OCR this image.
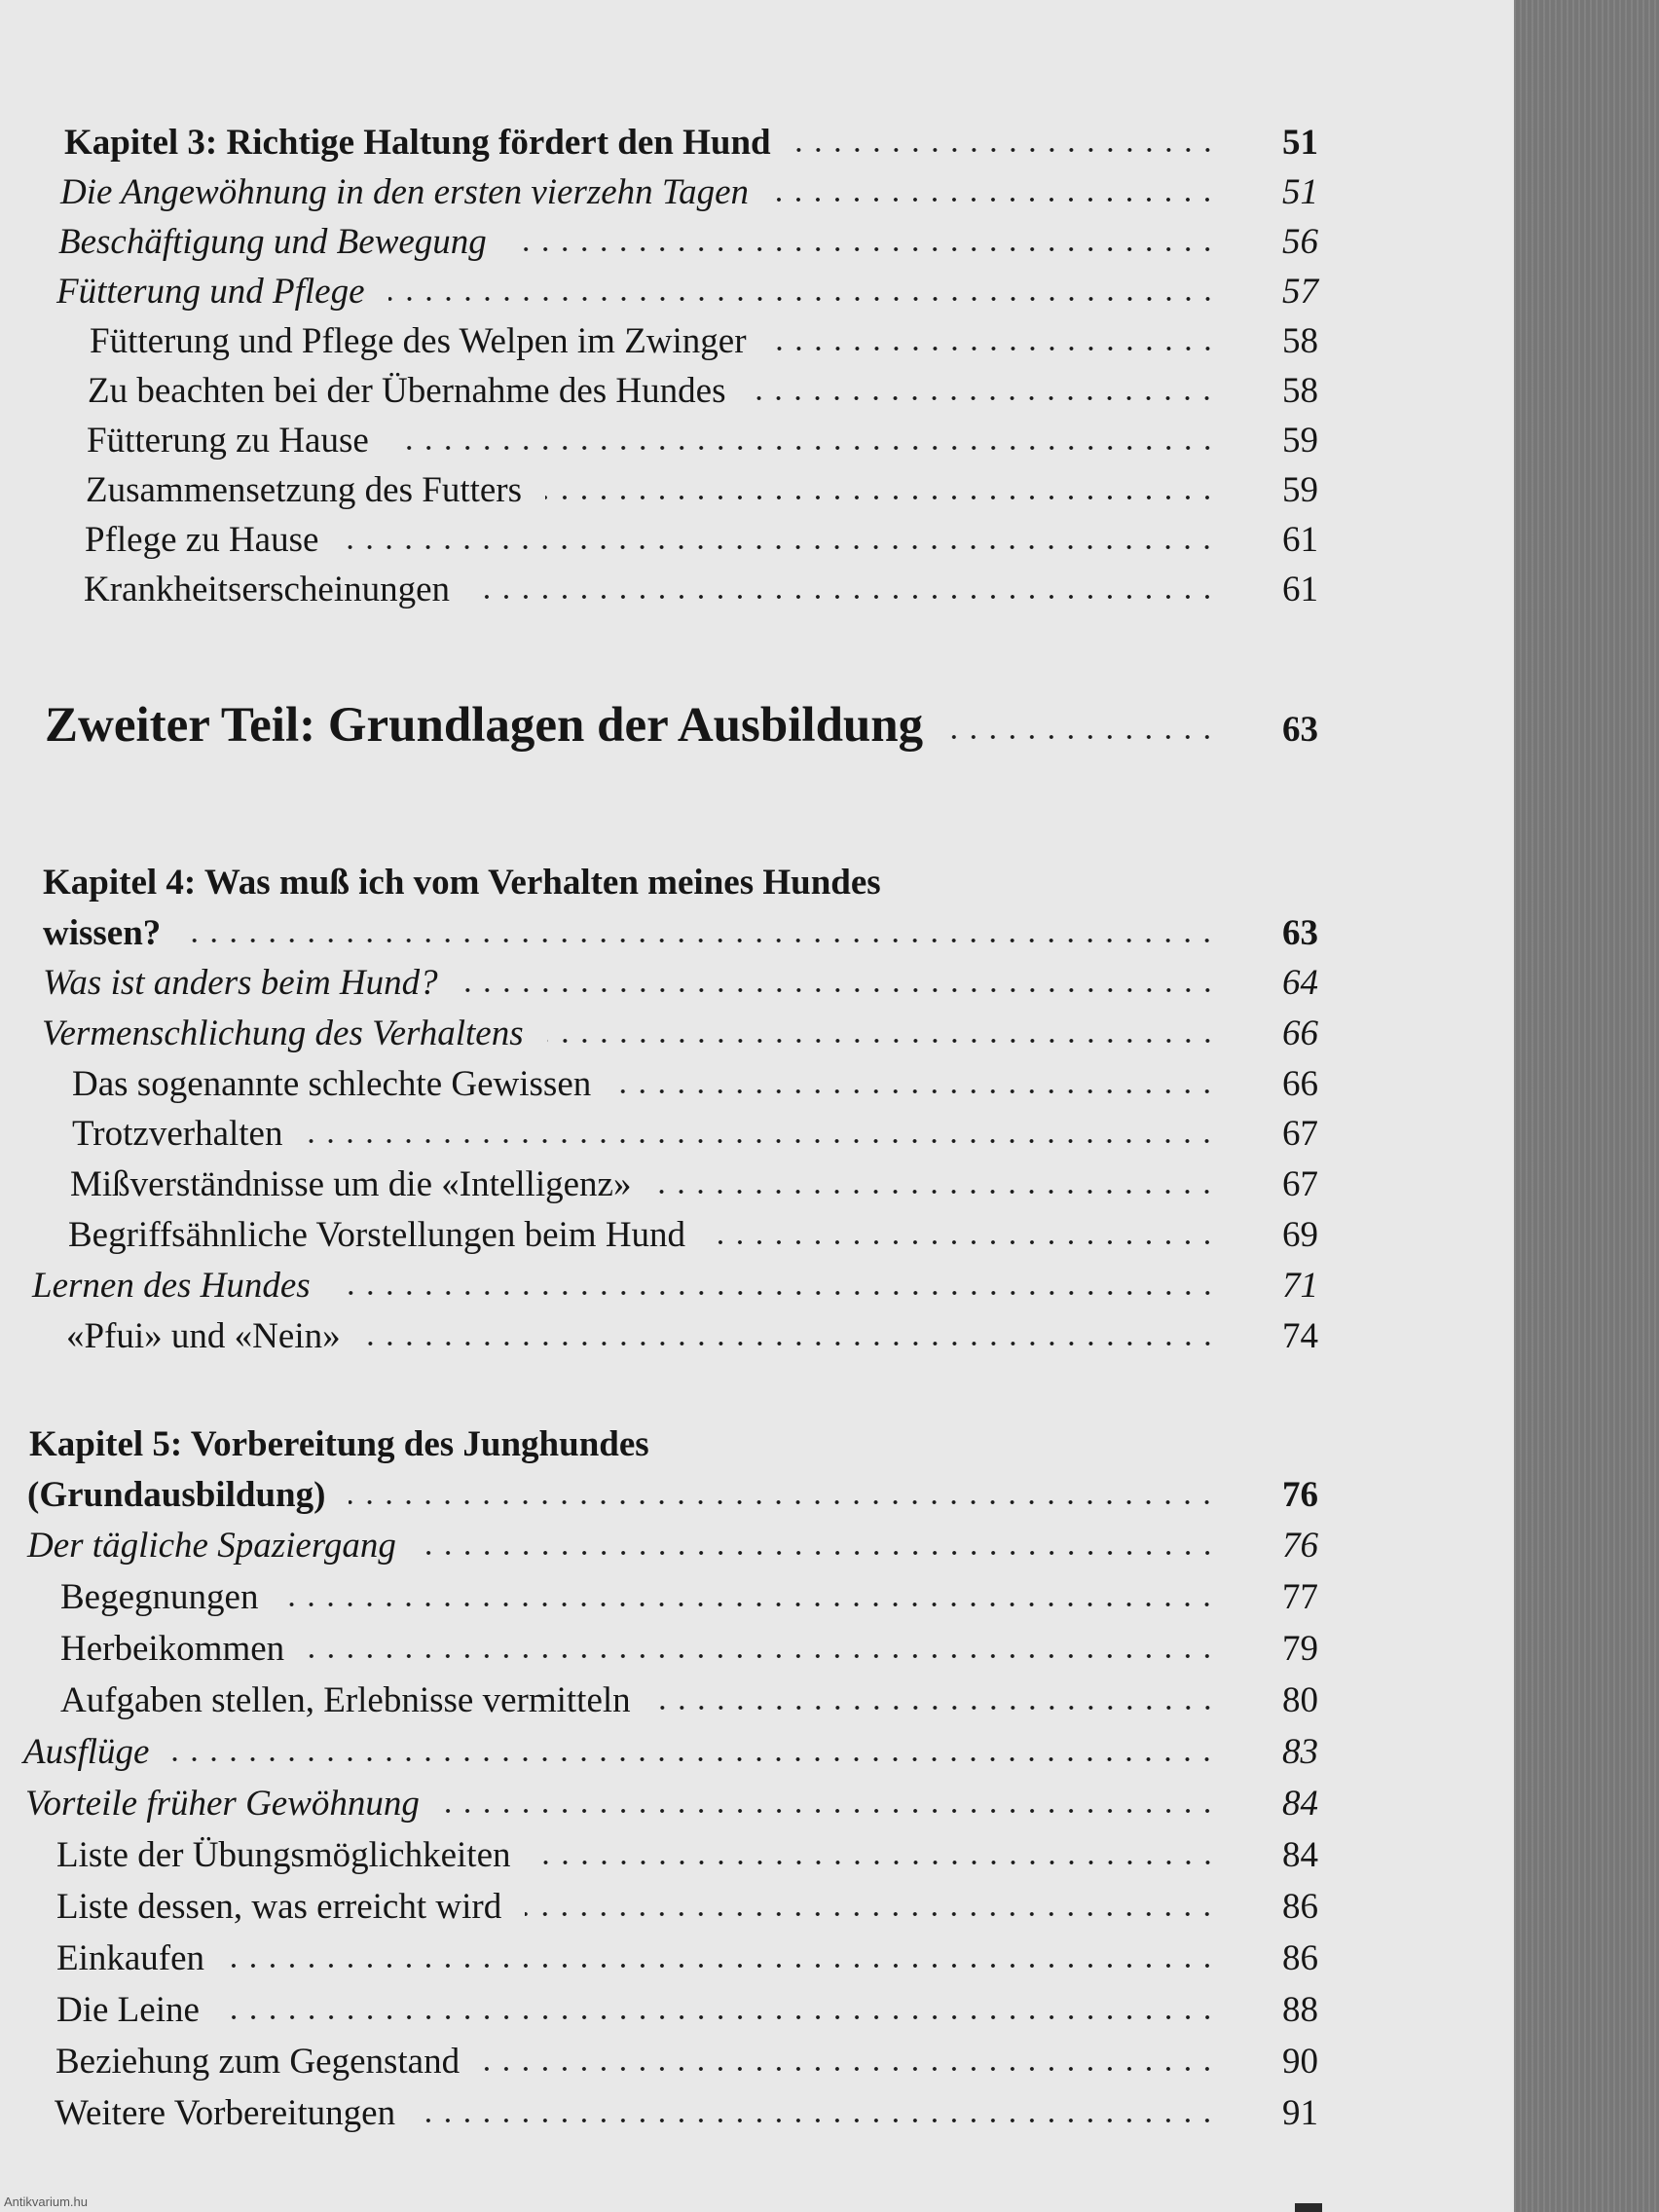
Kapitel 3: Richtige Haltung fördert den Hund	51
Die Angewöhnung in den ersten vierzehn Tagen	51
Beschäftigung und Bewegung	56
Fütterung und Pflege	57
Fütterung und Pflege des Welpen im Zwinger	58
Zu beachten bei der Übernahme des Hundes	58
Fütterung zu Hause	59
Zusammensetzung des Futters	59
Pflege zu Hause	61
Krankheitserscheinungen	61
Zweiter Teil: Grundlagen der Ausbildung	63
Kapitel 4: Was muß ich vom Verhalten meines Hundes
wissen?	63
Was ist anders beim Hund?	64
Vermenschlichung des Verhaltens	66
Das sogenannte schlechte Gewissen	66
Trotzverhalten	67
Mißverständnisse um die «Intelligenz»	67
Begriffsähnliche Vorstellungen beim Hund	69
Lernen des Hundes	71
«Pfui» und «Nein»	74
Kapitel 5: Vorbereitung des Junghundes
(Grundausbildung)	76
Der tägliche Spaziergang	76
Begegnungen	77
Herbeikommen	79
Aufgaben stellen, Erlebnisse vermitteln	80
Ausflüge	83
Vorteile früher Gewöhnung	84
Liste der Übungsmöglichkeiten	84
Liste dessen, was erreicht wird	86
Einkaufen	86
Die Leine	88
Beziehung zum Gegenstand	90
Weitere Vorbereitungen	91
Antikvarium.hu
